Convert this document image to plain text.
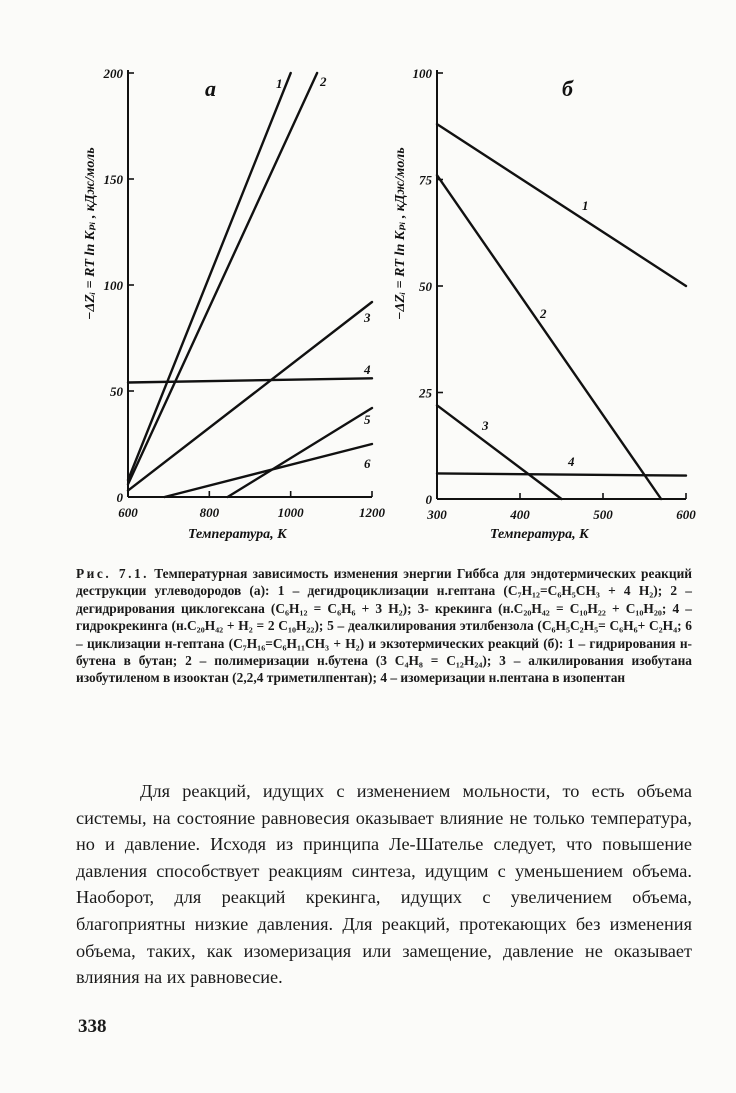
а
−ΔZᵢ = RT ln Kₚᵢ , кДж/моль
Температура, К
0
50
100
150
200
600	800	1000	1200
1	2
3
4
5
6
б
−ΔZᵢ = RT ln Kₚᵢ , кДж/моль
Температура, К
0
25
50
75
100
300	400	500	600
1
2
3
4

Рис. 7.1. Температурная зависимость изменения энергии Гиббса для эндотермических реакций деструкции углеводородов (а): 1 – дегидроциклизации н.гептана (C₇H₁₂=C₆H₅CH₃ + 4 H₂); 2 – дегидрирования циклогексана (C₆H₁₂ = C₆H₆ + 3 H₂); 3- крекинга (н.C₂₀H₄₂ = C₁₀H₂₂ + C₁₀H₂₀; 4 – гидрокрекинга (н.C₂₀H₄₂ + H₂ = 2 C₁₀H₂₂); 5 – деалкилирования этилбензола (C₆H₅C₂H₅= C₆H₆+ C₂H₄; 6 – циклизации н-гептана (C₇H₁₆=C₆H₁₁CH₃ + H₂) и экзотермических реакций (б): 1 – гидрирования н-бутена в бутан; 2 – полимеризации н.бутена (3 C₄H₈ = C₁₂H₂₄); 3 – алкилирования изобутана изобутиленом в изооктан (2,2,4 триметилпентан); 4 – изомеризации н.пентана в изопентан

Для реакций, идущих с изменением мольности, то есть объема системы, на состояние равновесия оказывает влияние не только температура, но и давление. Исходя из принципа Ле-Шателье следует, что повышение давления способствует реакциям синтеза, идущим с уменьшением объема. Наоборот, для реакций крекинга, идущих с увеличением объема, благоприятны низкие давления. Для реакций, протекающих без изменения объема, таких, как изомеризация или замещение, давление не оказывает влияния на их равновесие.

338
